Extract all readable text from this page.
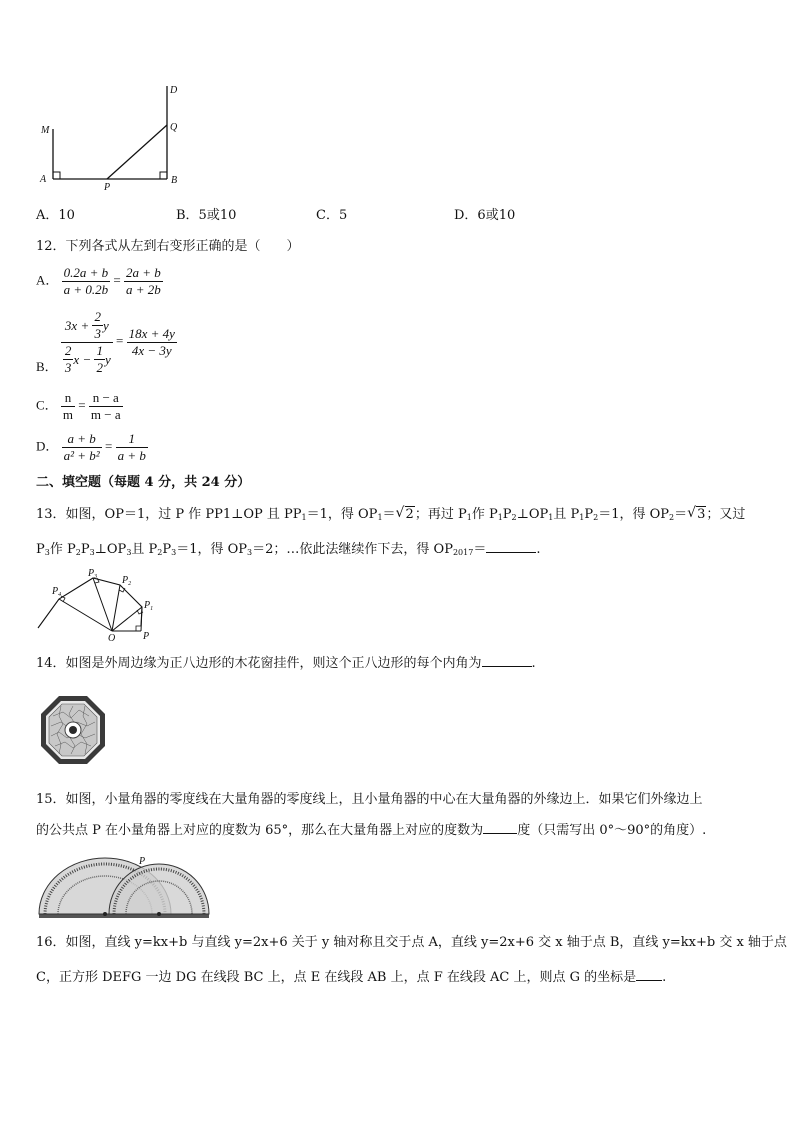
D
Q
M
A
P
B
A．10	B．5或10	C．5	D．6或10
12．下列各式从左到右变形正确的是（　　）
A． $\frac{0.2a + b}{a + 0.2b} = \frac{2a + b}{a + 2b}$
B． $\frac{3x + \frac{2}{3} y}{\frac{2}{3} x - \frac{1}{2} y} = \frac{18x + 4y}{4x - 3y}$
C． $\frac{n}{m} = \frac{n - a}{m - a}$
D． $\frac{a + b}{\text{a² + b²}} = \frac{1}{a + b}$
二、填空题（每题 4 分，共 24 分）
13．如图，OP＝1，过 P 作 PP1⊥OP 且 $PP_1=1$，得 $OP_1=$ √ 2；再过 $P_1$作 $P_1P_2\perp OP_1$且 $P_1P_2=1$，得 $OP_2=$ √ 3；又过
$P_3$作 $P_2P_3\perp OP_3$且 $P_2P_3=1$，得 $OP_3=2$；…依此法继续作下去，得 $OP_{2017}=$	.
$P_4$
$P_3$ $P_2$
$P_1$
O	P
14．如图是外周边缘为正八边形的木花窗挂件，则这个正八边形的每个内角为	.
15．如图，小量角器的零度线在大量角器的零度线上，且小量角器的中心在大量角器的外缘边上．如果它们外缘边上
的公共点 P 在小量角器上对应的度数为 65°，那么在大量角器上对应的度数为	度（只需写出 0°～90°的角度）.
P
16．如图，直线 y=kx+b 与直线 y=2x+6 关于 y 轴对称且交于点 A，直线 y=2x+6 交 x 轴于点 B，直线 y=kx+b 交 x 轴于点
C，正方形 DEFG 一边 DG 在线段 BC 上，点 E 在线段 AB 上，点 F 在线段 AC 上，则点 G 的坐标是 .
